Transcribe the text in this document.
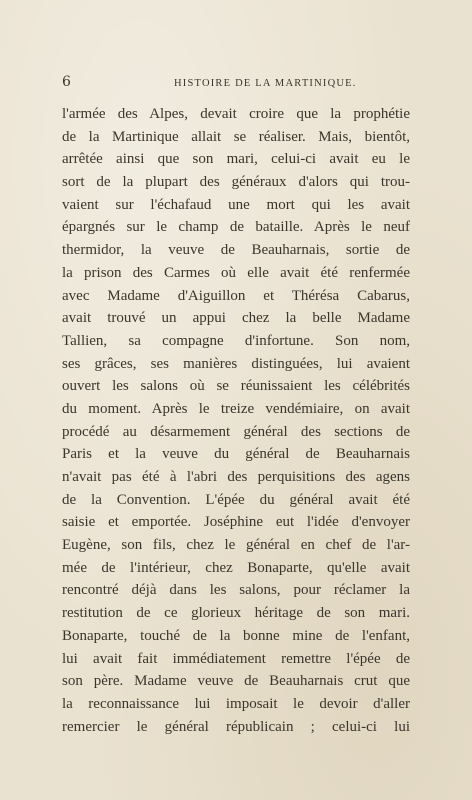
6	HISTOIRE DE LA MARTINIQUE.
l'armée des Alpes, devait croire que la prophétie
de la Martinique allait se réaliser. Mais, bientôt,
arrêtée ainsi que son mari, celui-ci avait eu le
sort de la plupart des généraux d'alors qui trou-
vaient sur l'échafaud une mort qui les avait
épargnés sur le champ de bataille. Après le neuf
thermidor, la veuve de Beauharnais, sortie de
la prison des Carmes où elle avait été renfermée
avec Madame d'Aiguillon et Thérésa Cabarus,
avait trouvé un appui chez la belle Madame
Tallien, sa compagne d'infortune. Son nom,
ses grâces, ses manières distinguées, lui avaient
ouvert les salons où se réunissaient les célébrités
du moment. Après le treize vendémiaire, on avait
procédé au désarmement général des sections de
Paris et la veuve du général de Beauharnais
n'avait pas été à l'abri des perquisitions des agens
de la Convention. L'épée du général avait été
saisie et emportée. Joséphine eut l'idée d'envoyer
Eugène, son fils, chez le général en chef de l'ar-
mée de l'intérieur, chez Bonaparte, qu'elle avait
rencontré déjà dans les salons, pour réclamer la
restitution de ce glorieux héritage de son mari.
Bonaparte, touché de la bonne mine de l'enfant,
lui avait fait immédiatement remettre l'épée de
son père. Madame veuve de Beauharnais crut que
la reconnaissance lui imposait le devoir d'aller
remercier le général républicain ; celui-ci lui
